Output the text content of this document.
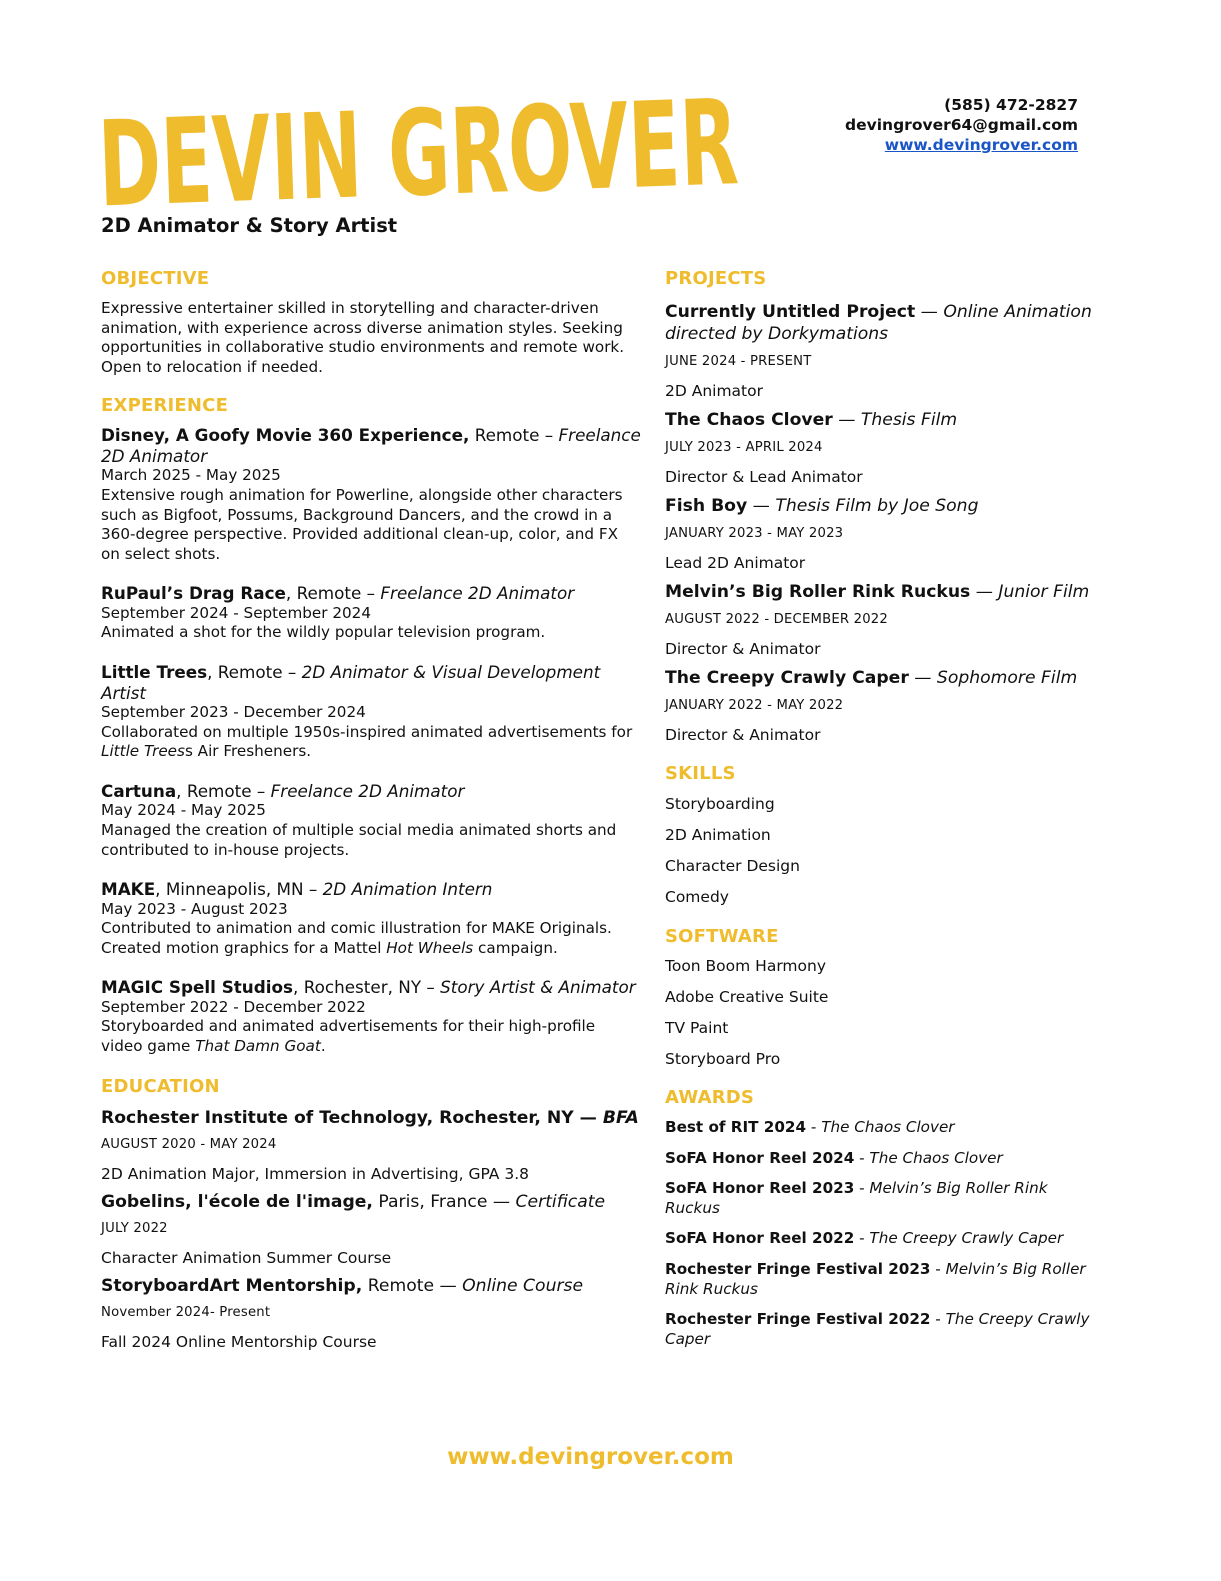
DEVIN GROVER
(585) 472-2827
devingrover64@gmail.com
www.devingrover.com
2D Animator & Story Artist
OBJECTIVE

Expressive entertainer skilled in storytelling and character-driven animation, with experience across diverse animation styles. Seeking opportunities in collaborative studio environments and remote work. Open to relocation if needed.

EXPERIENCE

Disney, A Goofy Movie 360 Experience, Remote – Freelance 2D Animator

March 2025 - May 2025

Extensive rough animation for Powerline, alongside other characters such as Bigfoot, Possums, Background Dancers, and the crowd in a 360-degree perspective. Provided additional clean-up, color, and FX on select shots.

RuPaul’s Drag Race, Remote – Freelance 2D Animator

September 2024 - September 2024

Animated a shot for the wildly popular television program.

Little Trees, Remote – 2D Animator & Visual Development Artist

September 2023 - December 2024

Collaborated on multiple 1950s-inspired animated advertisements for Little Treess Air Fresheners.

Cartuna, Remote – Freelance 2D Animator

May 2024 - May 2025

Managed the creation of multiple social media animated shorts and contributed to in-house projects.

MAKE, Minneapolis, MN – 2D Animation Intern

May 2023 - August 2023

Contributed to animation and comic illustration for MAKE Originals. Created motion graphics for a Mattel Hot Wheels campaign.

MAGIC Spell Studios, Rochester, NY – Story Artist & Animator

September 2022 - December 2022

Storyboarded and animated advertisements for their high-profile video game That Damn Goat.

EDUCATION

Rochester Institute of Technology, Rochester, NY — BFA

AUGUST 2020 - MAY 2024

2D Animation Major, Immersion in Advertising, GPA 3.8

Gobelins, l'école de l'image, Paris, France — Certificate

JULY 2022

Character Animation Summer Course

StoryboardArt Mentorship, Remote — Online Course

November 2024- Present

Fall 2024 Online Mentorship Course

PROJECTS

Currently Untitled Project — Online Animation directed by Dorkymations

JUNE 2024 - PRESENT

2D Animator

The Chaos Clover — Thesis Film

JULY 2023 - APRIL 2024

Director & Lead Animator

Fish Boy — Thesis Film by Joe Song

JANUARY 2023 - MAY 2023

Lead 2D Animator

Melvin’s Big Roller Rink Ruckus — Junior Film

AUGUST 2022 - DECEMBER 2022

Director & Animator

The Creepy Crawly Caper — Sophomore Film

JANUARY 2022 - MAY 2022

Director & Animator

SKILLS

Storyboarding

2D Animation

Character Design

Comedy

SOFTWARE

Toon Boom Harmony

Adobe Creative Suite

TV Paint

Storyboard Pro

AWARDS

Best of RIT 2024 - The Chaos Clover

SoFA Honor Reel 2024 - The Chaos Clover

SoFA Honor Reel 2023 - Melvin’s Big Roller Rink Ruckus

SoFA Honor Reel 2022 - The Creepy Crawly Caper

Rochester Fringe Festival 2023 - Melvin’s Big Roller Rink Ruckus

Rochester Fringe Festival 2022 - The Creepy Crawly Caper

www.devingrover.com
